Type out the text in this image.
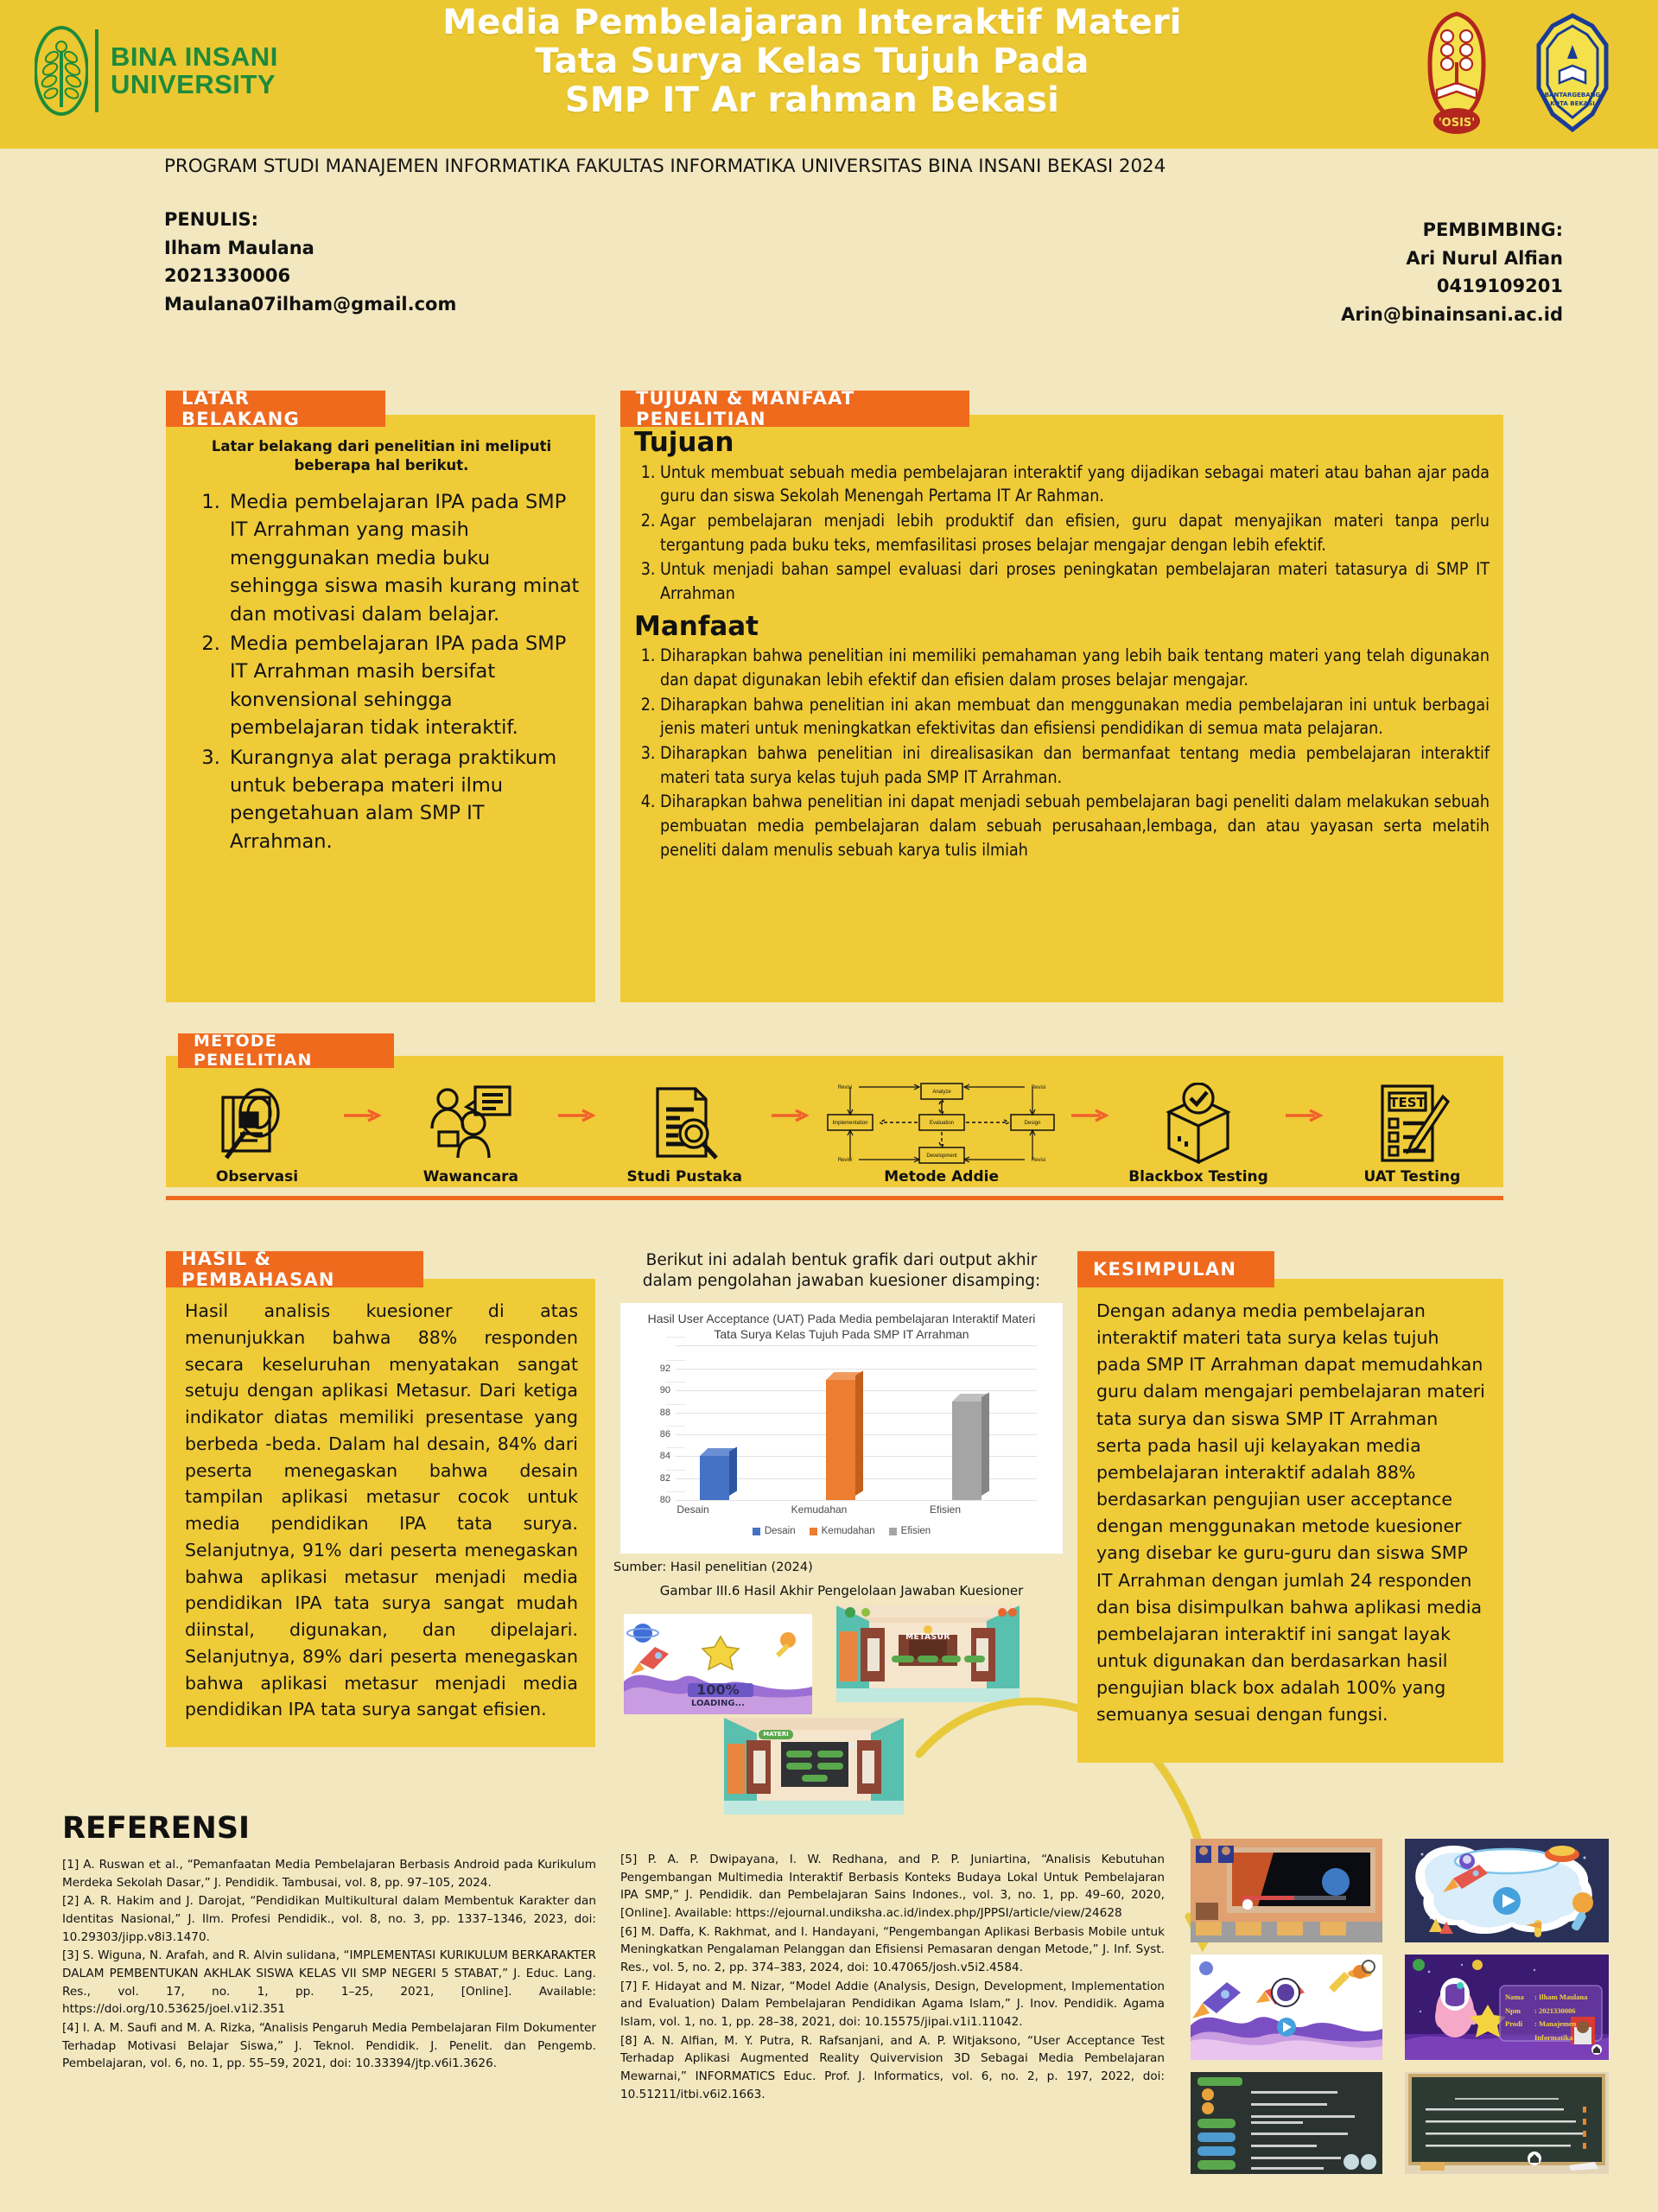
BINA INSANI
UNIVERSITY
Media Pembelajaran Interaktif Materi
Tata Surya Kelas Tujuh Pada
SMP IT Ar rahman Bekasi
'OSIS'
BANTARGEBANG
KOTA BEKASI
PROGRAM STUDI MANAJEMEN INFORMATIKA FAKULTAS INFORMATIKA UNIVERSITAS BINA INSANI BEKASI 2024
PENULIS:
Ilham Maulana
2021330006
Maulana07ilham@gmail.com
PEMBIMBING:
Ari Nurul Alfian
0419109201
Arin@binainsani.ac.id
Latar belakang dari penelitian ini meliputi beberapa hal berikut.
1. Media pembelajaran IPA pada SMP IT Arrahman yang masih menggunakan media buku sehingga siswa masih kurang minat dan motivasi dalam belajar.
2. Media pembelajaran IPA pada SMP IT Arrahman masih bersifat konvensional sehingga pembelajaran tidak interaktif.
3. Kurangnya alat peraga praktikum untuk beberapa materi ilmu pengetahuan alam SMP IT Arrahman.
LATAR BELAKANG
Tujuan
1. Untuk membuat sebuah media pembelajaran interaktif yang dijadikan sebagai materi atau bahan ajar pada guru dan siswa Sekolah Menengah Pertama IT Ar Rahman.
2. Agar pembelajaran menjadi lebih produktif dan efisien, guru dapat menyajikan materi tanpa perlu tergantung pada buku teks, memfasilitasi proses belajar mengajar dengan lebih efektif.
3. Untuk menjadi bahan sampel evaluasi dari proses peningkatan pembelajaran materi tatasurya di SMP IT Arrahman
Manfaat
1. Diharapkan bahwa penelitian ini memiliki pemahaman yang lebih baik tentang materi yang telah digunakan dan dapat digunakan lebih efektif dan efisien dalam proses belajar mengajar.
2. Diharapkan bahwa penelitian ini akan membuat dan menggunakan media pembelajaran ini untuk berbagai jenis materi untuk meningkatkan efektivitas dan efisiensi pendidikan di semua mata pelajaran.
3. Diharapkan bahwa penelitian ini direalisasikan dan bermanfaat tentang media pembelajaran interaktif materi tata surya kelas tujuh pada SMP IT Arrahman.
4. Diharapkan bahwa penelitian ini dapat menjadi sebuah pembelajaran bagi peneliti dalam melakukan sebuah pembuatan media pembelajaran dalam sebuah perusahaan,lembaga, dan atau yayasan serta melatih peneliti dalam menulis sebuah karya tulis ilmiah
TUJUAN & MANFAAT PENELITIAN
Observasi	Wawancara	Studi Pustaka
Analyze
Implementation	Evaluation	Design
Development
Revisi	Revisi
Revisi	Revisi
Metode Addie	Blackbox Testing
TEST
UAT Testing
METODE PENELITIAN
Hasil analisis kuesioner di atas menunjukkan bahwa 88% responden secara keseluruhan menyatakan sangat setuju dengan aplikasi Metasur. Dari ketiga indikator diatas memiliki presentase yang berbeda -beda. Dalam hal desain, 84% dari peserta menegaskan bahwa desain tampilan aplikasi metasur cocok untuk media pendidikan IPA tata surya. Selanjutnya, 91% dari peserta menegaskan bahwa aplikasi metasur menjadi media pendidikan IPA tata surya sangat mudah diinstal, digunakan, dan dipelajari. Selanjutnya, 89% dari peserta menegaskan bahwa aplikasi metasur menjadi media pendidikan IPA tata surya sangat efisien.
HASIL & PEMBAHASAN
Berikut ini adalah bentuk grafik dari output akhir dalam pengolahan jawaban kuesioner disamping:
Hasil User Acceptance (UAT) Pada Media pembelajaran Interaktif Materi Tata Surya Kelas Tujuh Pada SMP IT Arrahman
Desain	Kemudahan	Efisien
Desain	Kemudahan	Efisien
Sumber: Hasil penelitian (2024)
Gambar III.6 Hasil Akhir Pengelolaan Jawaban Kuesioner
100%
LOADING...
METASUR
MATERI
Dengan adanya media pembelajaran interaktif materi tata surya kelas tujuh pada SMP IT Arrahman dapat memudahkan guru dalam mengajari pembelajaran materi tata surya dan siswa SMP IT Arrahman serta pada hasil uji kelayakan media pembelajaran interaktif adalah 88% berdasarkan pengujian user acceptance dengan menggunakan metode kuesioner yang disebar ke guru-guru dan siswa SMP IT Arrahman dengan jumlah 24 responden dan bisa disimpulkan bahwa aplikasi media pembelajaran interaktif ini sangat layak untuk digunakan dan berdasarkan hasil pengujian black box adalah 100% yang semuanya sesuai dengan fungsi.
KESIMPULAN
REFERENSI
[1] A. Ruswan et al., “Pemanfaatan Media Pembelajaran Berbasis Android pada Kurikulum Merdeka Sekolah Dasar,” J. Pendidik. Tambusai, vol. 8, pp. 97–105, 2024.
[2] A. R. Hakim and J. Darojat, “Pendidikan Multikultural dalam Membentuk Karakter dan Identitas Nasional,” J. Ilm. Profesi Pendidik., vol. 8, no. 3, pp. 1337–1346, 2023, doi: 10.29303/jipp.v8i3.1470.
[3] S. Wiguna, N. Arafah, and R. Alvin sulidana, “IMPLEMENTASI KURIKULUM BERKARAKTER DALAM PEMBENTUKAN AKHLAK SISWA KELAS VII SMP NEGERI 5 STABAT,” J. Educ. Lang. Res., vol. 17, no. 1, pp. 1–25, 2021, [Online]. Available: https://doi.org/10.53625/joel.v1i2.351
[4] I. A. M. Saufi and M. A. Rizka, “Analisis Pengaruh Media Pembelajaran Film Dokumenter Terhadap Motivasi Belajar Siswa,” J. Teknol. Pendidik. J. Penelit. dan Pengemb. Pembelajaran, vol. 6, no. 1, pp. 55–59, 2021, doi: 10.33394/jtp.v6i1.3626.
[5] P. A. P. Dwipayana, I. W. Redhana, and P. P. Juniartina, “Analisis Kebutuhan Pengembangan Multimedia Interaktif Berbasis Konteks Budaya Lokal Untuk Pembelajaran IPA SMP,” J. Pendidik. dan Pembelajaran Sains Indones., vol. 3, no. 1, pp. 49–60, 2020, [Online]. Available: https://ejournal.undiksha.ac.id/index.php/JPPSI/article/view/24628
[6] M. Daffa, K. Rakhmat, and I. Handayani, “Pengembangan Aplikasi Berbasis Mobile untuk Meningkatkan Pengalaman Pelanggan dan Efisiensi Pemasaran dengan Metode,” J. Inf. Syst. Res., vol. 5, no. 2, pp. 374–383, 2024, doi: 10.47065/josh.v5i2.4584.
[7] F. Hidayat and M. Nizar, “Model Addie (Analysis, Design, Development, Implementation and Evaluation) Dalam Pembelajaran Pendidikan Agama Islam,” J. Inov. Pendidik. Agama Islam, vol. 1, no. 1, pp. 28–38, 2021, doi: 10.15575/jipai.v1i1.11042.
[8] A. N. Alfian, M. Y. Putra, R. Rafsanjani, and A. P. Witjaksono, “User Acceptance Test Terhadap Aplikasi Augmented Reality Quivervision 3D Sebagai Media Pembelajaran Mewarnai,” INFORMATICS Educ. Prof. J. Informatics, vol. 6, no. 2, p. 197, 2022, doi: 10.51211/itbi.v6i2.1663.
Nama
Npm
Prodi
: Ilham Maulana
: 2021330006
: Manajemen Informatika
